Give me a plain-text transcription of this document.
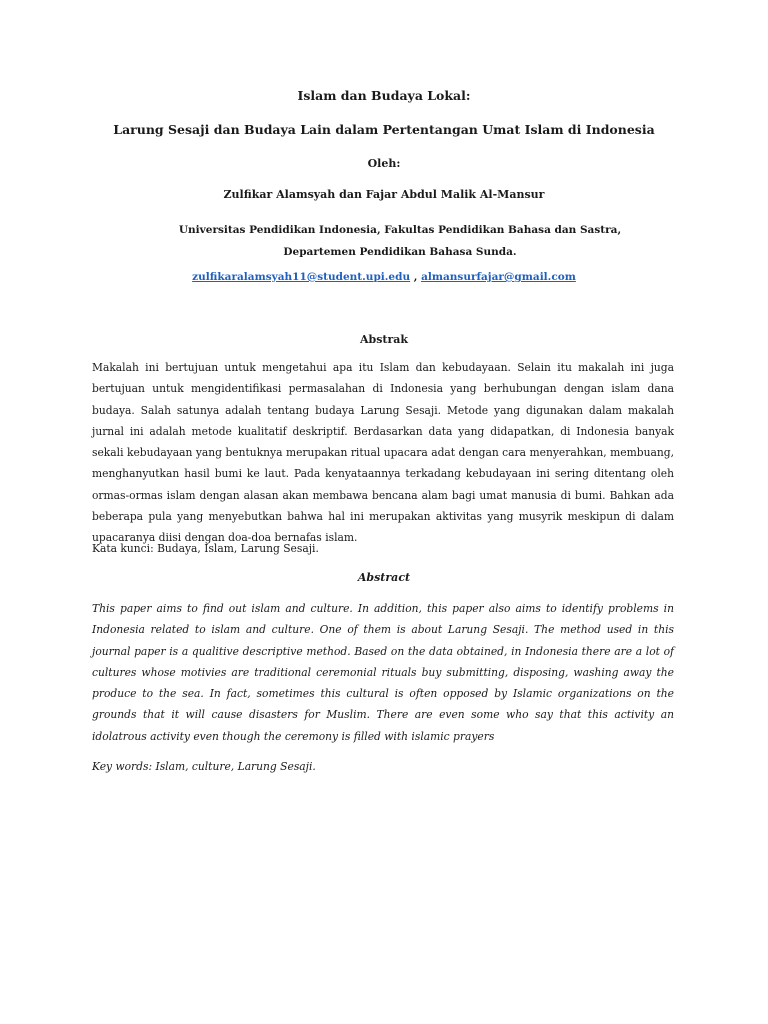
Islam dan Budaya Lokal:
Larung Sesaji dan Budaya Lain dalam Pertentangan Umat Islam di Indonesia
Oleh:
Zulfikar Alamsyah dan Fajar Abdul Malik Al-Mansur
Universitas Pendidikan Indonesia, Fakultas Pendidikan Bahasa dan Sastra, Departemen Pendidikan Bahasa Sunda.
zulfikaralamsyah11@student.upi.edu , almansurfajar@gmail.com
Abstrak
Makalah ini bertujuan untuk mengetahui apa itu Islam dan kebudayaan. Selain itu makalah ini juga bertujuan untuk mengidentifikasi permasalahan di Indonesia yang berhubungan dengan islam dana budaya. Salah satunya adalah tentang budaya Larung Sesaji. Metode yang digunakan dalam makalah jurnal ini adalah metode kualitatif deskriptif. Berdasarkan data yang didapatkan, di Indonesia banyak sekali kebudayaan yang bentuknya merupakan ritual upacara adat dengan cara menyerahkan, membuang, menghanyutkan hasil bumi ke laut. Pada kenyataannya terkadang kebudayaan ini sering ditentang oleh ormas-ormas islam dengan alasan akan membawa bencana alam bagi umat manusia di bumi. Bahkan ada beberapa pula yang menyebutkan bahwa hal ini merupakan aktivitas yang musyrik meskipun di dalam upacaranya diisi dengan doa-doa bernafas islam.
Kata kunci: Budaya, Islam, Larung Sesaji.
Abstract
This paper aims to find out islam and culture. In addition, this paper also aims to identify problems in Indonesia related to islam and culture. One of them is about Larung Sesaji. The method used in this journal paper is a qualitive descriptive method. Based on the data obtained, in Indonesia there are a lot of cultures whose motivies are traditional ceremonial rituals buy submitting, disposing, washing away the produce to the sea. In fact, sometimes this cultural is often opposed by Islamic organizations on the grounds that it will cause disasters for Muslim. There are even some who say that this activity an idolatrous activity even though the ceremony is filled with islamic prayers
Key words: Islam, culture, Larung Sesaji.
